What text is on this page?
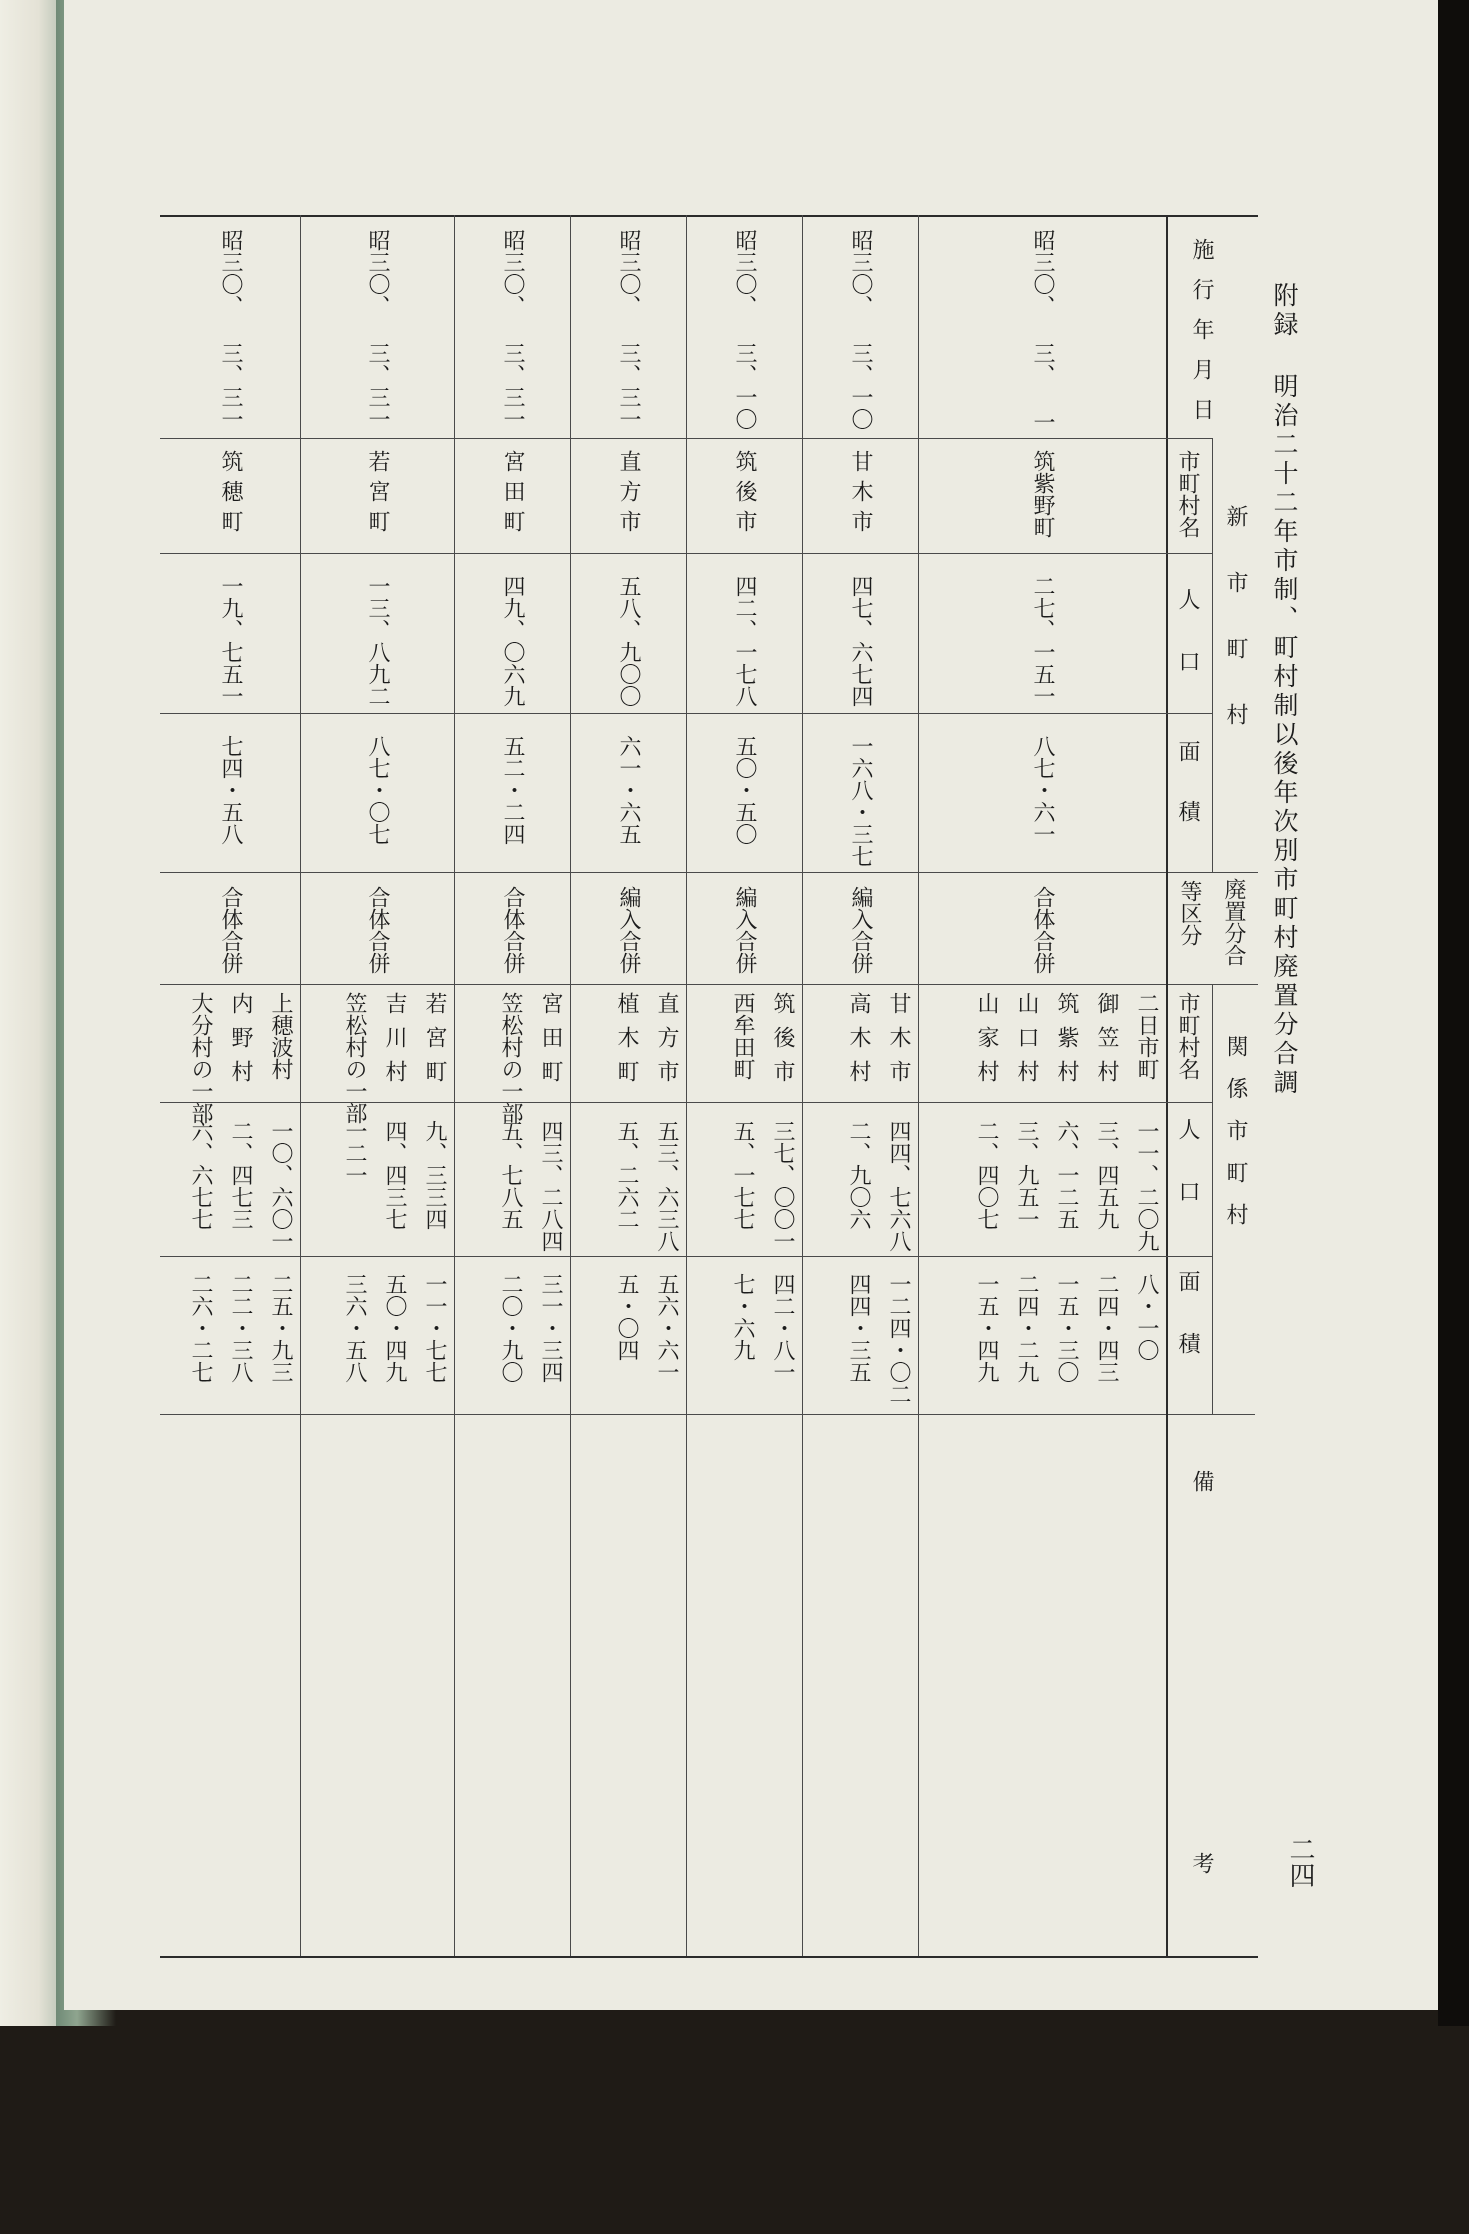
附録 明治二十二年市制、町村制以後年次別市町村廃置分合調
二四
施行年月日
新市町村
市町村名
人口
面積
廃置分合
等区分
関係市町村
市町村名
人口
面積
備考
昭三〇、 三、 一
筑紫野町
二七、一五一
八七・六一
合体合併
二日市町
御笠村
筑紫村
山口村
山家村
一一、二〇九
三、四五九
六、一二五
三、九五一
二、四〇七
八・一〇
二四・四三
一五・三〇
二四・二九
一五・四九
昭三〇、 三、一〇
甘木市
四七、六七四
一六八・三七
編入合併
甘木市
高木村
四四、七六八
二、九〇六
一二四・〇二
四四・三五
昭三〇、 三、一〇
筑後市
四二、一七八
五〇・五〇
編入合併
筑後市
西牟田町
三七、〇〇一
五、一七七
四二・八一
七・六九
昭三〇、 三、三一
直方市
五八、九〇〇
六一・六五
編入合併
直方市
植木町
五三、六三八
五、二六二
五六・六一
五・〇四
昭三〇、 三、三一
宮田町
四九、〇六九
五二・二四
合体合併
宮田町
笠松村の一部
四三、二八四
五、七八五
三一・三四
二〇・九〇
昭三〇、 三、三一
若宮町
一三、八九二
八七・〇七
合体合併
若宮町
吉川村
笠松村の一部
九、三三四
四、四三七
一二一
一一・七七
五〇・四九
三六・五八
昭三〇、 三、三一
筑穂町
一九、七五一
七四・五八
合体合併
上穂波村
内野村
大分村の一部
一〇、六〇一
二、四七三
六、六七七
二五・九三
二二・三八
二六・二七
